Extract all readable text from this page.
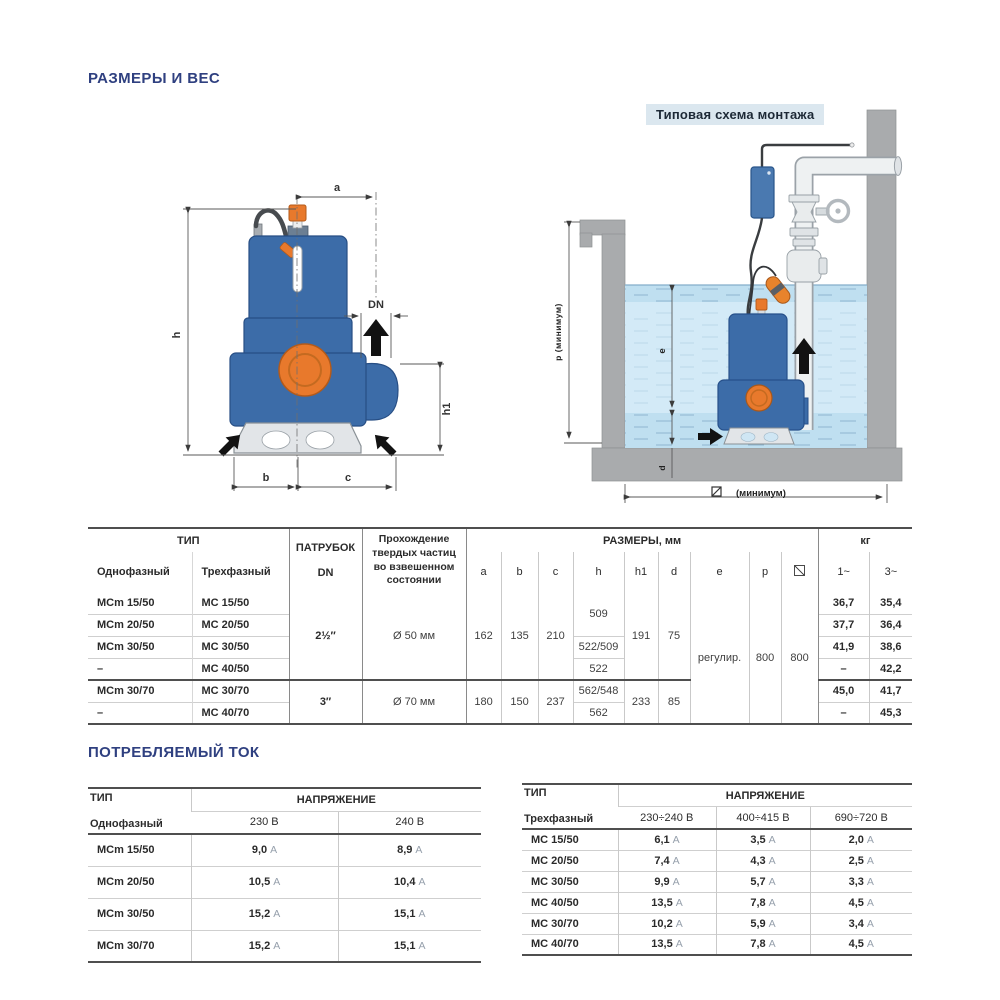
РАЗМЕРЫ И ВЕС
a
h
h1
b	c
DN
Типовая схема монтажа
p (минимум)	e
d
(минимум)
ТИП		ПАТРУБОК
DN	Прохождение твердых частиц во взвешенном состоянии	РАЗМЕРЫ, мм									кг	
Однофазный	Трехфазный			a	b	c	h	h1	d	e	p		1~	3~
MCm 15/50	MC 15/50	2½″	Ø 50 мм	162	135	210	509	191	75	регулир.	800	800	36,7	35,4
MCm 20/50	MC 20/50												37,7	36,4
MCm 30/50	MC 30/50						522/509						41,9	38,6
–	MC 40/50						522						–	42,2
MCm 30/70	MC 30/70	3″	Ø 70 мм	180	150	237	562/548	233	85				45,0	41,7
–	MC 40/70						562						–	45,3
ПОТРЕБЛЯЕМЫЙ ТОК
ТИП
Однофазный	НАПРЯЖЕНИЕ	
	230 В	240 В
MCm 15/50	9,0 A	8,9 A
MCm 20/50	10,5 A	10,4 A
MCm 30/50	15,2 A	15,1 A
MCm 30/70	15,2 A	15,1 A
ТИП
Трехфазный	НАПРЯЖЕНИЕ		
	230÷240 В	400÷415 В	690÷720 В
MC 15/50	6,1 A	3,5 A	2,0 A
MC 20/50	7,4 A	4,3 A	2,5 A
MC 30/50	9,9 A	5,7 A	3,3 A
MC 40/50	13,5 A	7,8 A	4,5 A
MC 30/70	10,2 A	5,9 A	3,4 A
MC 40/70	13,5 A	7,8 A	4,5 A
